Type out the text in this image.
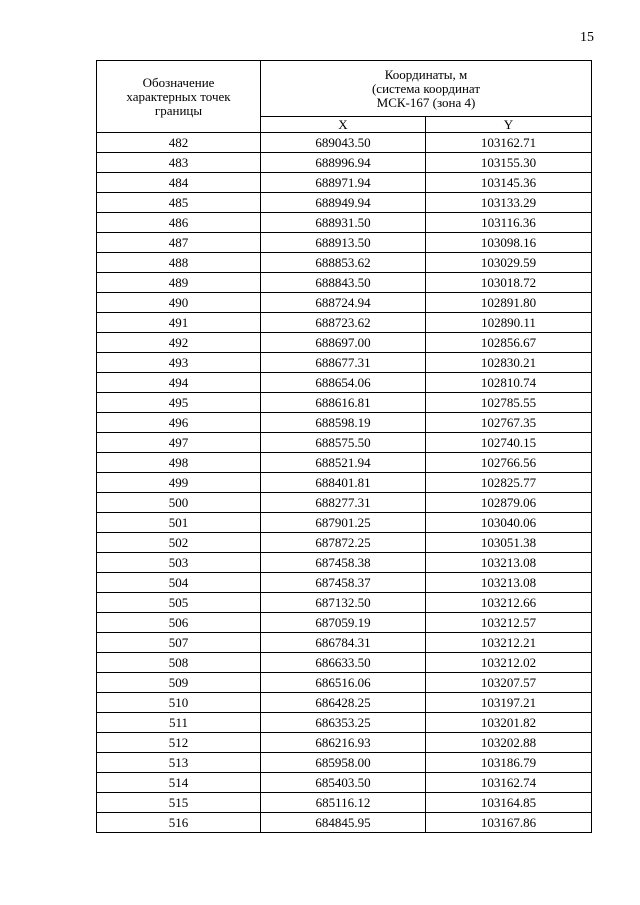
15
Обозначение
характерных точек
границы	Координаты, м
(система координат
МСК-167 (зона 4)	

	X	Y
482	689043.50	103162.71
483	688996.94	103155.30
484	688971.94	103145.36
485	688949.94	103133.29
486	688931.50	103116.36
487	688913.50	103098.16
488	688853.62	103029.59
489	688843.50	103018.72
490	688724.94	102891.80
491	688723.62	102890.11
492	688697.00	102856.67
493	688677.31	102830.21
494	688654.06	102810.74
495	688616.81	102785.55
496	688598.19	102767.35
497	688575.50	102740.15
498	688521.94	102766.56
499	688401.81	102825.77
500	688277.31	102879.06
501	687901.25	103040.06
502	687872.25	103051.38
503	687458.38	103213.08
504	687458.37	103213.08
505	687132.50	103212.66
506	687059.19	103212.57
507	686784.31	103212.21
508	686633.50	103212.02
509	686516.06	103207.57
510	686428.25	103197.21
511	686353.25	103201.82
512	686216.93	103202.88
513	685958.00	103186.79
514	685403.50	103162.74
515	685116.12	103164.85
516	684845.95	103167.86
